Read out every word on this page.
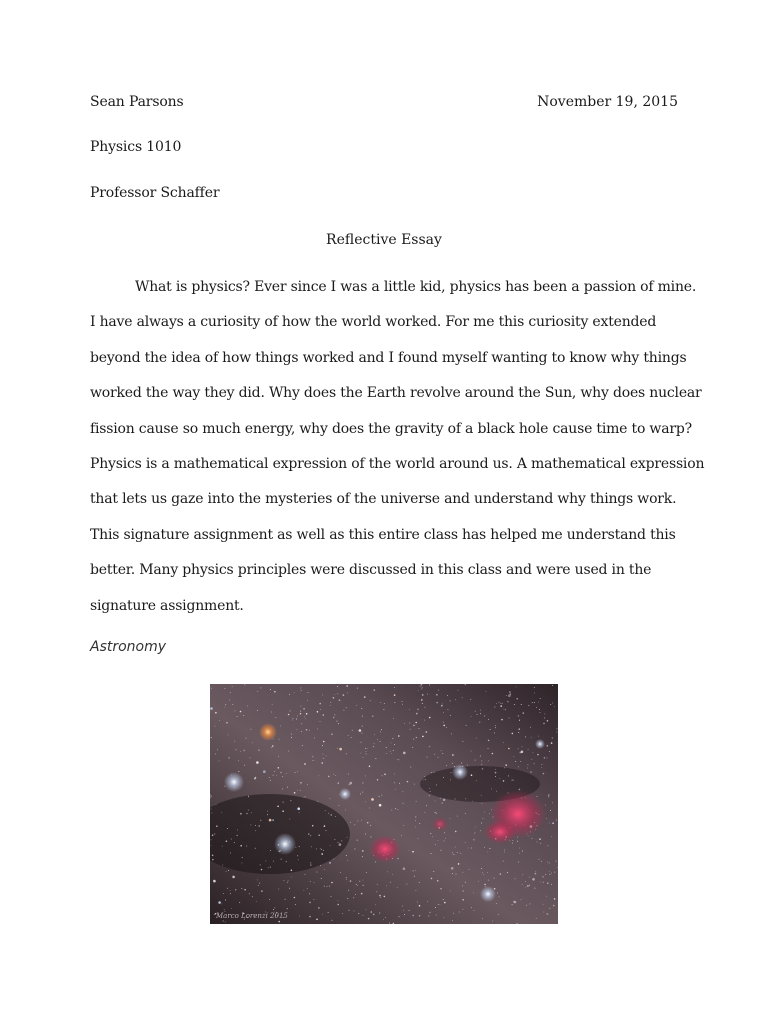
Sean Parsons	November 19, 2015
Physics 1010
Professor Schaffer
Reflective Essay
What is physics? Ever since I was a little kid, physics has been a passion of mine.
I have always a curiosity of how the world worked. For me this curiosity extended
beyond the idea of how things worked and I found myself wanting to know why things
worked the way they did. Why does the Earth revolve around the Sun, why does nuclear
fission cause so much energy, why does the gravity of a black hole cause time to warp?
Physics is a mathematical expression of the world around us. A mathematical expression
that lets us gaze into the mysteries of the universe and understand why things work.
This signature assignment as well as this entire class has helped me understand this
better. Many physics principles were discussed in this class and were used in the
signature assignment.
Astronomy
Marco Lorenzi 2015
